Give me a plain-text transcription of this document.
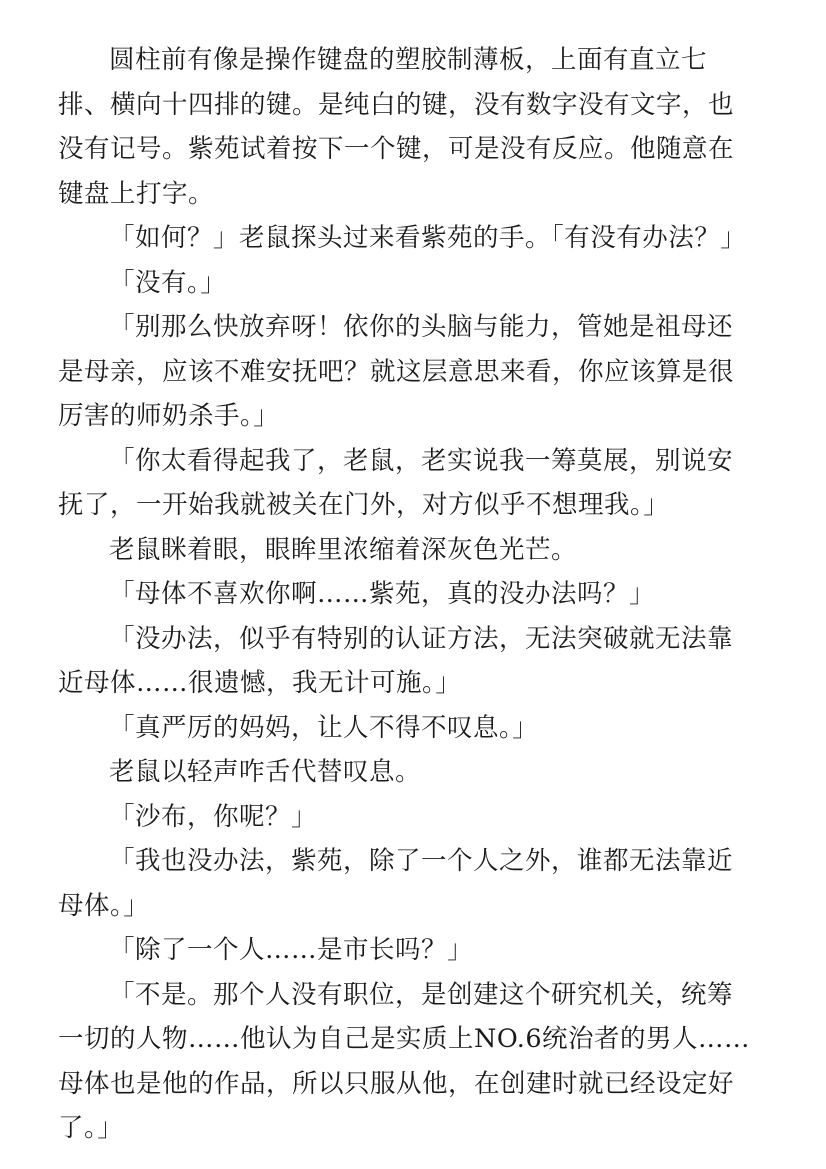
圆柱前有像是操作键盘的塑胶制薄板，上面有直立七排、横向十四排的键。是纯白的键，没有数字没有文字，也没有记号。紫苑试着按下一个键，可是没有反应。他随意在键盘上打字。

「如何？」老鼠探头过来看紫苑的手。「有没有办法？」

「没有。」

「别那么快放弃呀！依你的头脑与能力，管她是祖母还是母亲，应该不难安抚吧？就这层意思来看，你应该算是很厉害的师奶杀手。」

「你太看得起我了，老鼠，老实说我一筹莫展，别说安抚了，一开始我就被关在门外，对方似乎不想理我。」

老鼠眯着眼，眼眸里浓缩着深灰色光芒。

「母体不喜欢你啊……紫苑，真的没办法吗？」

「没办法，似乎有特别的认证方法，无法突破就无法靠近母体……很遗憾，我无计可施。」

「真严厉的妈妈，让人不得不叹息。」

老鼠以轻声咋舌代替叹息。

「沙布，你呢？」

「我也没办法，紫苑，除了一个人之外，谁都无法靠近母体。」

「除了一个人……是市长吗？」

「不是。那个人没有职位，是创建这个研究机关，统筹一切的人物……他认为自己是实质上NO.6统治者的男人……母体也是他的作品，所以只服从他，在创建时就已经设定好了。」
